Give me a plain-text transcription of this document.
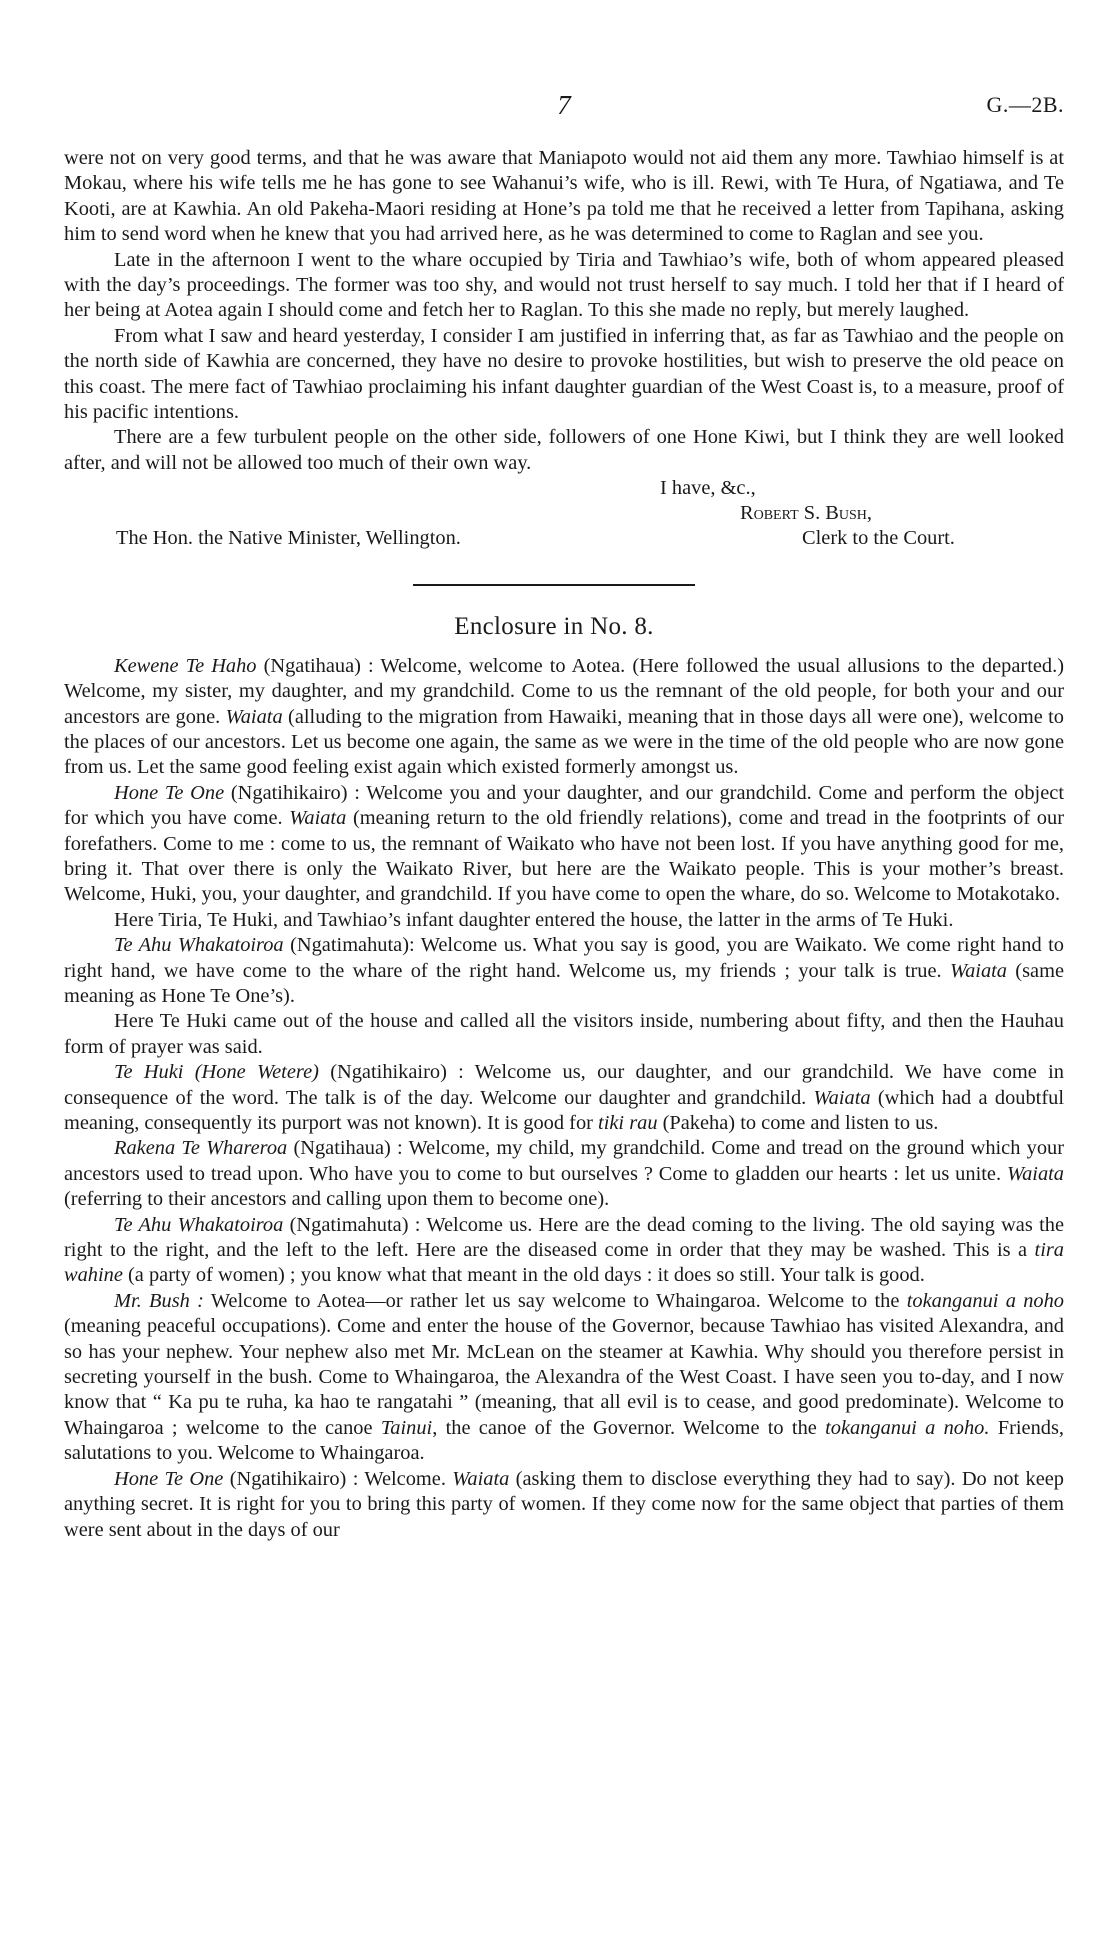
7	G.—2B.

were not on very good terms, and that he was aware that Maniapoto would not aid them any more. Tawhiao himself is at Mokau, where his wife tells me he has gone to see Wahanui’s wife, who is ill. Rewi, with Te Hura, of Ngatiawa, and Te Kooti, are at Kawhia. An old Pakeha-Maori residing at Hone’s pa told me that he received a letter from Tapihana, asking him to send word when he knew that you had arrived here, as he was determined to come to Raglan and see you.

Late in the afternoon I went to the whare occupied by Tiria and Tawhiao’s wife, both of whom appeared pleased with the day’s proceedings. The former was too shy, and would not trust herself to say much. I told her that if I heard of her being at Aotea again I should come and fetch her to Raglan. To this she made no reply, but merely laughed.

From what I saw and heard yesterday, I consider I am justified in inferring that, as far as Tawhiao and the people on the north side of Kawhia are concerned, they have no desire to provoke hostilities, but wish to preserve the old peace on this coast. The mere fact of Tawhiao proclaiming his infant daughter guardian of the West Coast is, to a measure, proof of his pacific intentions.

There are a few turbulent people on the other side, followers of one Hone Kiwi, but I think they are well looked after, and will not be allowed too much of their own way.

I have, &c.,
Robert S. Bush,
The Hon. the Native Minister, Wellington.	Clerk to the Court.
Enclosure in No. 8.

Kewene Te Haho (Ngatihaua) : Welcome, welcome to Aotea. (Here followed the usual allusions to the departed.) Welcome, my sister, my daughter, and my grandchild. Come to us the remnant of the old people, for both your and our ancestors are gone. Waiata (alluding to the migration from Hawaiki, meaning that in those days all were one), welcome to the places of our ancestors. Let us become one again, the same as we were in the time of the old people who are now gone from us. Let the same good feeling exist again which existed formerly amongst us.

Hone Te One (Ngatihikairo) : Welcome you and your daughter, and our grandchild. Come and perform the object for which you have come. Waiata (meaning return to the old friendly relations), come and tread in the footprints of our forefathers. Come to me : come to us, the remnant of Waikato who have not been lost. If you have anything good for me, bring it. That over there is only the Waikato River, but here are the Waikato people. This is your mother’s breast. Welcome, Huki, you, your daughter, and grandchild. If you have come to open the whare, do so. Welcome to Motakotako.

Here Tiria, Te Huki, and Tawhiao’s infant daughter entered the house, the latter in the arms of Te Huki.

Te Ahu Whakatoiroa (Ngatimahuta): Welcome us. What you say is good, you are Waikato. We come right hand to right hand, we have come to the whare of the right hand. Welcome us, my friends ; your talk is true. Waiata (same meaning as Hone Te One’s).

Here Te Huki came out of the house and called all the visitors inside, numbering about fifty, and then the Hauhau form of prayer was said.

Te Huki (Hone Wetere) (Ngatihikairo) : Welcome us, our daughter, and our grandchild. We have come in consequence of the word. The talk is of the day. Welcome our daughter and grandchild. Waiata (which had a doubtful meaning, consequently its purport was not known). It is good for tiki rau (Pakeha) to come and listen to us.

Rakena Te Whareroa (Ngatihaua) : Welcome, my child, my grandchild. Come and tread on the ground which your ancestors used to tread upon. Who have you to come to but ourselves ? Come to gladden our hearts : let us unite. Waiata (referring to their ancestors and calling upon them to become one).

Te Ahu Whakatoiroa (Ngatimahuta) : Welcome us. Here are the dead coming to the living. The old saying was the right to the right, and the left to the left. Here are the diseased come in order that they may be washed. This is a tira wahine (a party of women) ; you know what that meant in the old days : it does so still. Your talk is good.

Mr. Bush : Welcome to Aotea—or rather let us say welcome to Whaingaroa. Welcome to the tokanganui a noho (meaning peaceful occupations). Come and enter the house of the Governor, because Tawhiao has visited Alexandra, and so has your nephew. Your nephew also met Mr. McLean on the steamer at Kawhia. Why should you therefore persist in secreting yourself in the bush. Come to Whaingaroa, the Alexandra of the West Coast. I have seen you to-day, and I now know that “ Ka pu te ruha, ka hao te rangatahi ” (meaning, that all evil is to cease, and good predominate). Welcome to Whaingaroa ; welcome to the canoe Tainui, the canoe of the Governor. Welcome to the tokanganui a noho. Friends, salutations to you. Welcome to Whaingaroa.

Hone Te One (Ngatihikairo) : Welcome. Waiata (asking them to disclose everything they had to say). Do not keep anything secret. It is right for you to bring this party of women. If they come now for the same object that parties of them were sent about in the days of our
